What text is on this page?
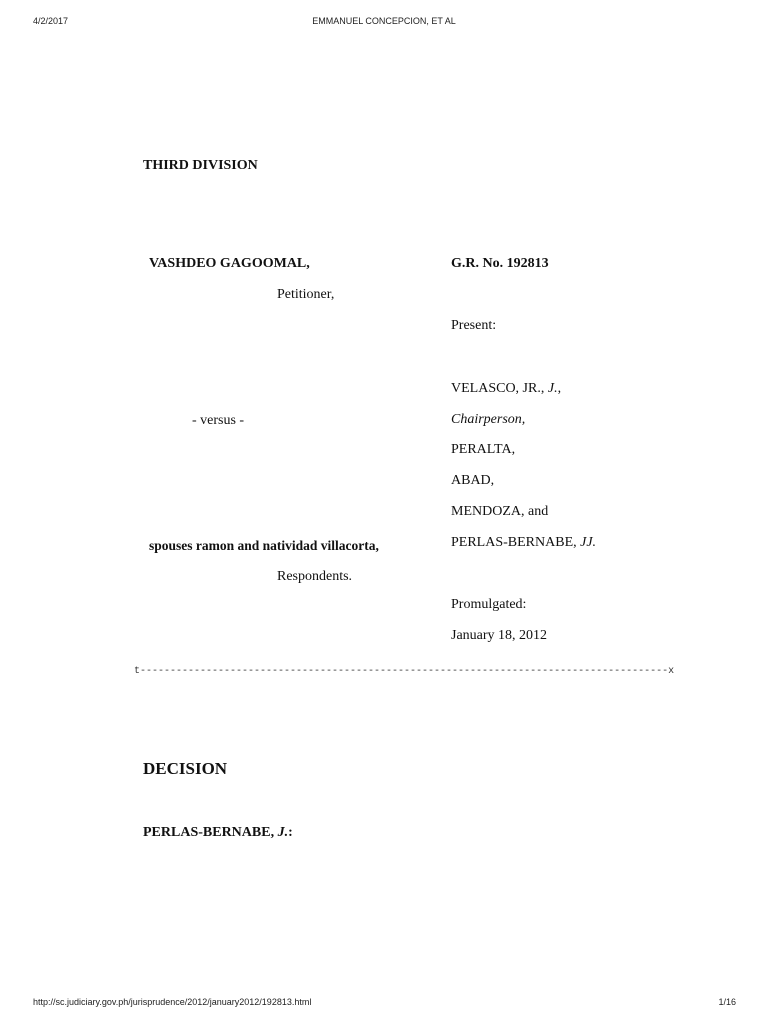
4/2/2017	EMMANUEL CONCEPCION, ET AL
THIRD DIVISION
VASHDEO GAGOOMAL,
Petitioner,
- versus -
spouses ramon and natividad villacorta,
Respondents.
G.R. No. 192813
Present:
VELASCO, JR., J.,
Chairperson,
PERALTA,
ABAD,
MENDOZA, and
PERLAS-BERNABE, JJ.
Promulgated:
January 18, 2012
t----------------------------------------------------------------------------------------x
DECISION
PERLAS-BERNABE, J.:
http://sc.judiciary.gov.ph/jurisprudence/2012/january2012/192813.html	1/16
